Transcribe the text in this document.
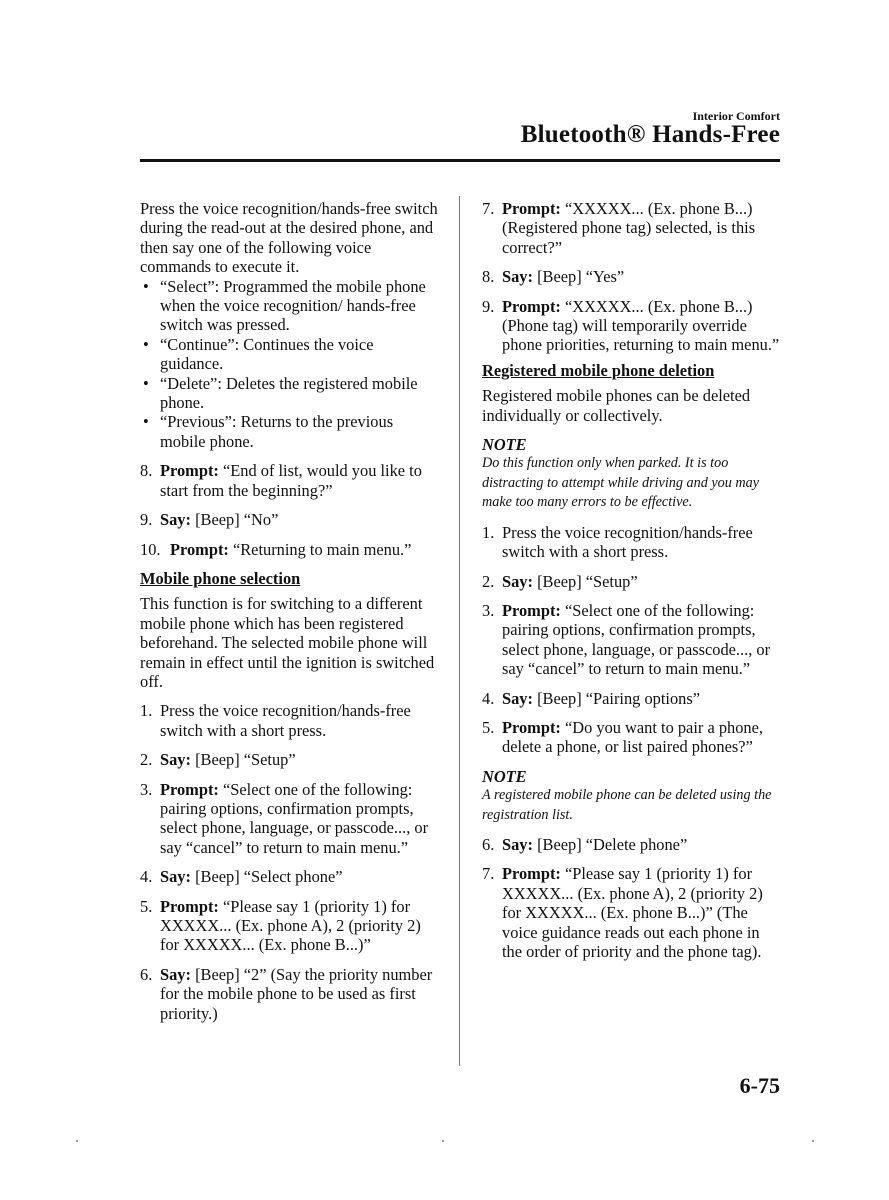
Interior Comfort
Bluetooth® Hands-Free

Press the voice recognition/hands-free switch during the read-out at the desired phone, and then say one of the following voice commands to execute it.

• “Select”: Programmed the mobile phone when the voice recognition/ hands-free switch was pressed.
• “Continue”: Continues the voice guidance.
• “Delete”: Deletes the registered mobile phone.
• “Previous”: Returns to the previous mobile phone.
8. Prompt: “End of list, would you like to start from the beginning?”
9. Say: [Beep] “No”
10. Prompt: “Returning to main menu.”

Mobile phone selection

This function is for switching to a different mobile phone which has been registered beforehand. The selected mobile phone will remain in effect until the ignition is switched off.

1. Press the voice recognition/hands-free switch with a short press.
2. Say: [Beep] “Setup”
3. Prompt: “Select one of the following: pairing options, confirmation prompts, select phone, language, or passcode..., or say “cancel” to return to main menu.”
4. Say: [Beep] “Select phone”
5. Prompt: “Please say 1 (priority 1) for XXXXX... (Ex. phone A), 2 (priority 2) for XXXXX... (Ex. phone B...)”
6. Say: [Beep] “2” (Say the priority number for the mobile phone to be used as first priority.)
7. Prompt: “XXXXX... (Ex. phone B...) (Registered phone tag) selected, is this correct?”
8. Say: [Beep] “Yes”
9. Prompt: “XXXXX... (Ex. phone B...) (Phone tag) will temporarily override phone priorities, returning to main menu.”

Registered mobile phone deletion

Registered mobile phones can be deleted individually or collectively.

NOTE

Do this function only when parked. It is too distracting to attempt while driving and you may make too many errors to be effective.

1. Press the voice recognition/hands-free switch with a short press.
2. Say: [Beep] “Setup”
3. Prompt: “Select one of the following: pairing options, confirmation prompts, select phone, language, or passcode..., or say “cancel” to return to main menu.”
4. Say: [Beep] “Pairing options”
5. Prompt: “Do you want to pair a phone, delete a phone, or list paired phones?”

NOTE

A registered mobile phone can be deleted using the registration list.

6. Say: [Beep] “Delete phone”
7. Prompt: “Please say 1 (priority 1) for XXXXX... (Ex. phone A), 2 (priority 2) for XXXXX... (Ex. phone B...)” (The voice guidance reads out each phone in the order of priority and the phone tag).
6-75
